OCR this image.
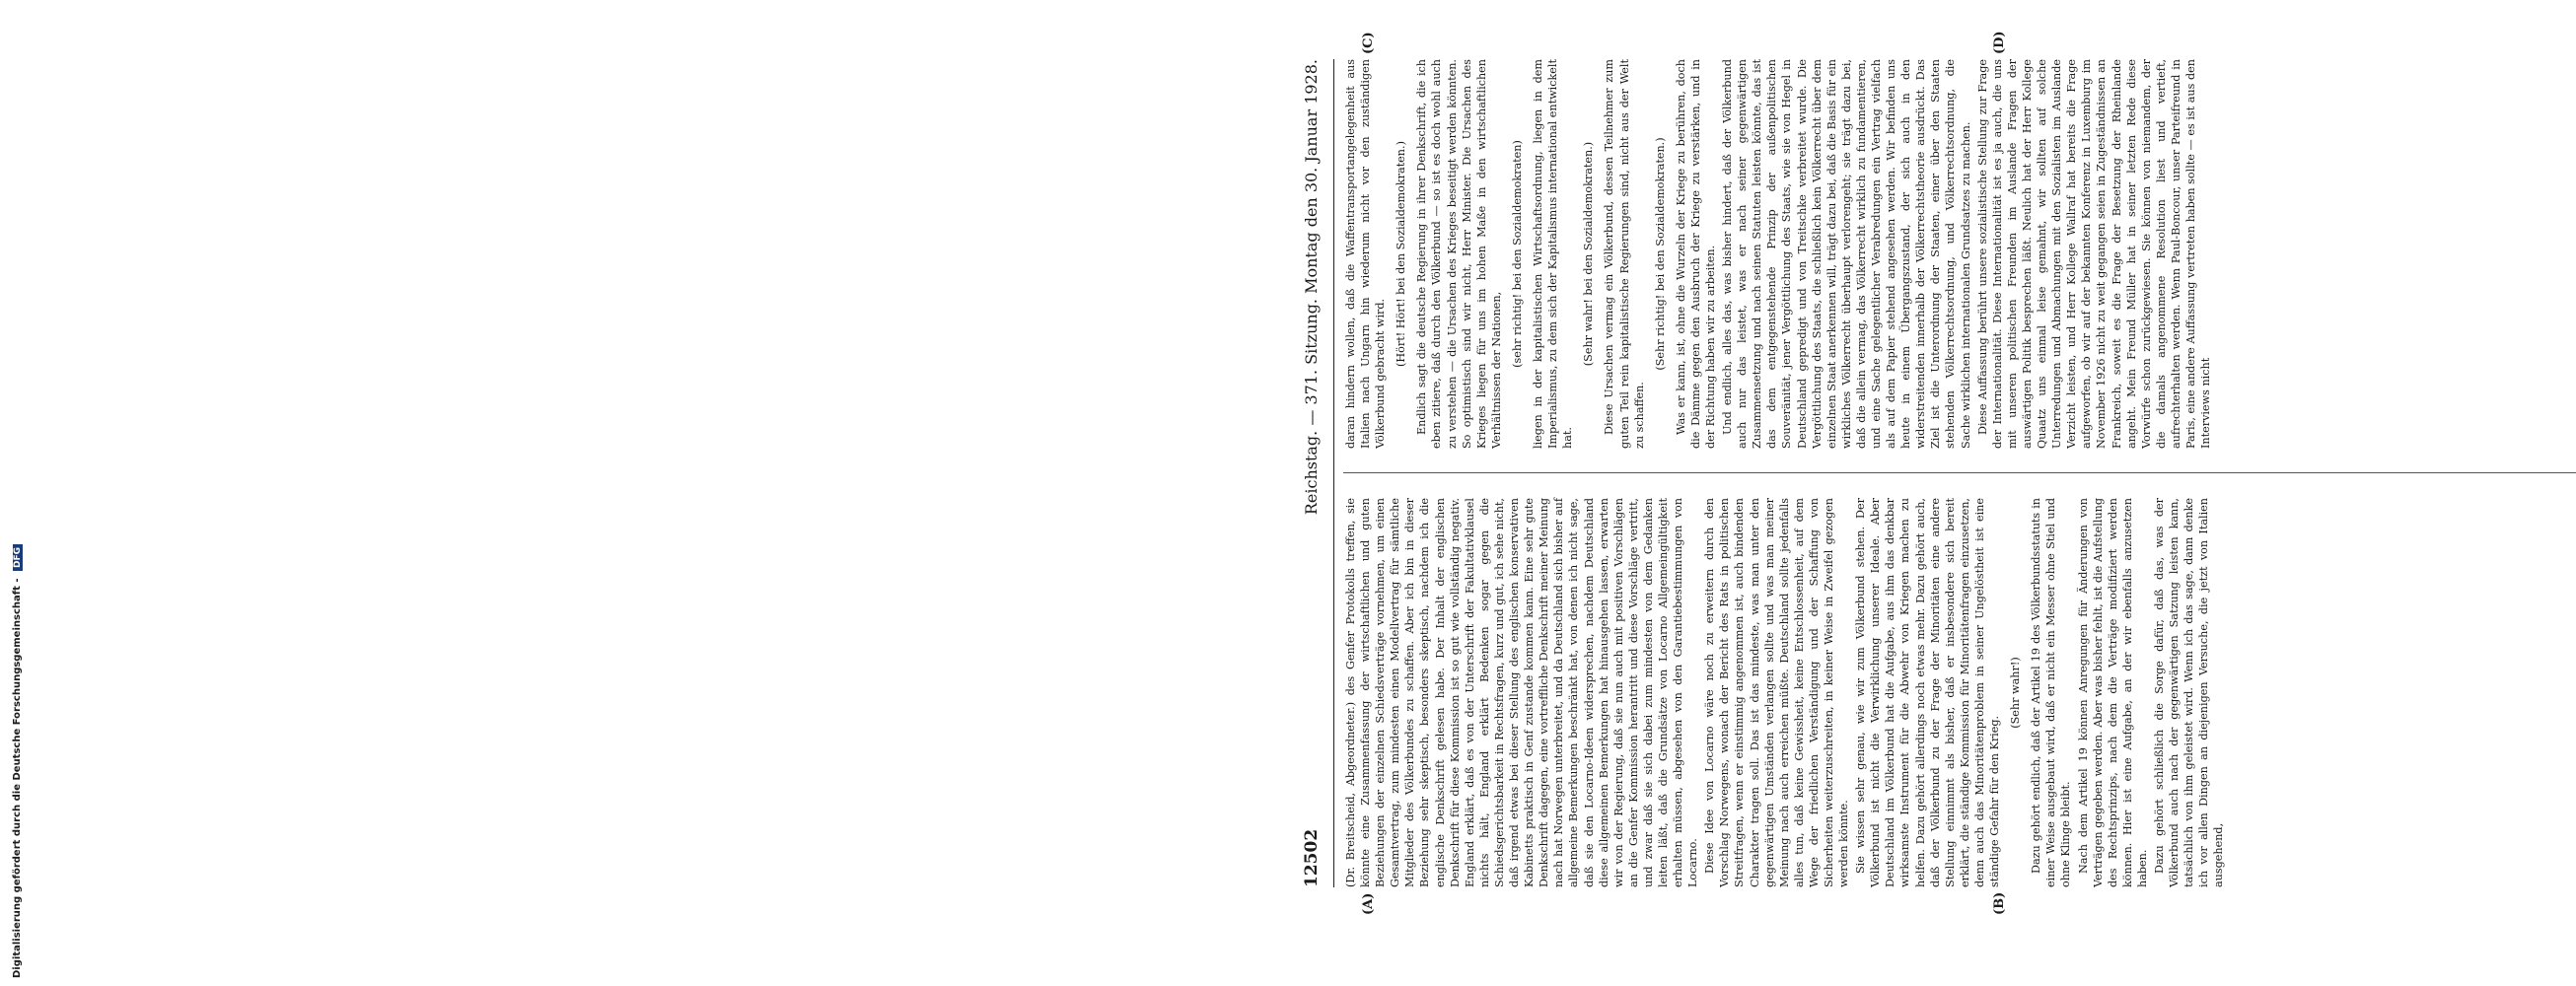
12502
Reichstag. — 371. Sitzung. Montag den 30. Januar 1928.
(A)	(B)
(C)	(D)

(Dr. Breitscheid, Abgeordneter.) des Genfer Protokolls treffen, sie könnte eine Zusammenfassung der wirtschaftlichen und guten Beziehungen der einzelnen Schiedsverträge vornehmen, um einen Gesamtvertrag, zum mindesten einen Modellvertrag für sämtliche Mitglieder des Völkerbundes zu schaffen. Aber ich bin in dieser Beziehung sehr skeptisch, besonders skeptisch, nachdem ich die englische Denkschrift gelesen habe. Der Inhalt der englischen Denkschrift für diese Kommission ist so gut wie vollständig negativ. England erklärt, daß es von der Unterschrift der Fakultativklausel nichts hält, England erklärt Bedenken sogar gegen die Schiedsgerichtsbarkeit in Rechtsfragen, kurz und gut, ich sehe nicht, daß irgend etwas bei dieser Stellung des englischen konservativen Kabinetts praktisch in Genf zustande kommen kann. Eine sehr gute Denkschrift dagegen, eine vortreffliche Denkschrift meiner Meinung nach hat Norwegen unterbreitet, und da Deutschland sich bisher auf allgemeine Bemerkungen beschränkt hat, von denen ich nicht sage, daß sie den Locarno-Ideen widersprechen, nachdem Deutschland diese allgemeinen Bemerkungen hat hinausgehen lassen, erwarten wir von der Regierung, daß sie nun auch mit positiven Vorschlägen an die Genfer Kommission herantritt und diese Vorschläge vertritt, und zwar daß sie sich dabei zum mindesten von dem Gedanken leiten läßt, daß die Grundsätze von Locarno Allgemeingültigkeit erhalten müssen, abgesehen von den Garantiebestimmungen von Locarno. Diese Idee von Locarno wäre noch zu erweitern durch den Vorschlag Norwegens, wonach der Bericht des Rats in politischen Streitfragen, wenn er einstimmig angenommen ist, auch bindenden Charakter tragen soll. Das ist das mindeste, was man unter den gegenwärtigen Umständen verlangen sollte und was man meiner Meinung nach auch erreichen müßte. Deutschland sollte jedenfalls alles tun, daß keine Gewissheit, keine Entschlossenheit, auf dem Wege der friedlichen Verständigung und der Schaffung von Sicherheiten weiterzuschreiten, in keiner Weise in Zweifel gezogen werden könnte. Sie wissen sehr genau, wie wir zum Völkerbund stehen. Der Völkerbund ist nicht die Verwirklichung unserer Ideale. Aber Deutschland im Völkerbund hat die Aufgabe, aus ihm das denkbar wirksamste Instrument für die Abwehr von Kriegen machen zu helfen. Dazu gehört allerdings noch etwas mehr. Dazu gehört auch, daß der Völkerbund zu der Frage der Minoritäten eine andere Stellung einnimmt als bisher, daß er insbesondere sich bereit erklärt, die ständige Kommission für Minoritätenfragen einzusetzen, denn auch das Minoritätenproblem in seiner Ungelöstheit ist eine ständige Gefahr für den Krieg.

(Sehr wahr!) Dazu gehört endlich, daß der Artikel 19 des Völkerbundsstatuts in einer Weise ausgebaut wird, daß er nicht ein Messer ohne Stiel und ohne Klinge bleibt. Nach dem Artikel 19 können Anregungen für Änderungen von Verträgen gegeben werden. Aber was bisher fehlt, ist die Aufstellung des Rechtsprinzips, nach dem die Verträge modifiziert werden können. Hier ist eine Aufgabe, an der wir ebenfalls anzusetzen haben. Dazu gehört schließlich die Sorge dafür, daß das, was der Völkerbund auch nach der gegenwärtigen Satzung leisten kann, tatsächlich von ihm geleistet wird. Wenn ich das sage, dann denke ich vor allen Dingen an diejenigen Versuche, die jetzt von Italien ausgehend,

daran hindern wollen, daß die Waffentransportangelegenheit aus Italien nach Ungarn hin wiederum nicht vor den zuständigen Völkerbund gebracht wird.

(Hört! Hört! bei den Sozialdemokraten.) Endlich sagt die deutsche Regierung in ihrer Denkschrift, die ich eben zitiere, daß durch den Völkerbund — so ist es doch wohl auch zu verstehen — die Ursachen des Krieges beseitigt werden könnten. So optimistisch sind wir nicht, Herr Minister. Die Ursachen des Krieges liegen für uns im hohen Maße in den wirtschaftlichen Verhältnissen der Nationen,

(sehr richtig! bei den Sozialdemokraten) liegen in der kapitalistischen Wirtschaftsordnung, liegen in dem Imperialismus, zu dem sich der Kapitalismus international entwickelt hat.

(Sehr wahr! bei den Sozialdemokraten.) Diese Ursachen vermag ein Völkerbund, dessen Teilnehmer zum guten Teil rein kapitalistische Regierungen sind, nicht aus der Welt zu schaffen.

(Sehr richtig! bei den Sozialdemokraten.) Was er kann, ist, ohne die Wurzeln der Kriege zu berühren, doch die Dämme gegen den Ausbruch der Kriege zu verstärken, und in der Richtung haben wir zu arbeiten. Und endlich, alles das, was bisher hindert, daß der Völkerbund auch nur das leistet, was er nach seiner gegenwärtigen Zusammensetzung und nach seinen Statuten leisten könnte, das ist das dem entgegenstehende Prinzip der außenpolitischen Souveränität, jener Vergöttlichung des Staats, wie sie von Hegel in Deutschland gepredigt und von Treitschke verbreitet wurde. Die Vergöttlichung des Staats, die schließlich kein Völkerrecht über dem einzelnen Staat anerkennen will, trägt dazu bei, daß die Basis für ein wirkliches Völkerrecht überhaupt verlorengeht; sie trägt dazu bei, daß die allein vermag, das Völkerrecht wirklich zu fundamentieren, und eine Sache gelegentlicher Verabredungen ein Vertrag vielfach als auf dem Papier stehend angesehen werden. Wir befinden uns heute in einem Übergangszustand, der sich auch in den widerstreitenden innerhalb der Völkerrechtstheorie ausdrückt. Das Ziel ist die Unterordnung der Staaten, einer über den Staaten stehenden Völkerrechtsordnung, und Völkerrechtsordnung, die Sache wirklichen internationalen Grundsatzes zu machen. Diese Auffassung berührt unsere sozialistische Stellung zur Frage der Internationalität. Diese Internationalität ist es ja auch, die uns mit unseren politischen Freunden im Auslande Fragen der auswärtigen Politik besprechen läßt. Neulich hat der Herr Kollege Quaatz uns einmal leise gemahnt, wir sollten auf solche Unterredungen und Abmachungen mit den Sozialisten im Auslande Verzicht leisten, und Herr Kollege Wallraf hat bereits die Frage aufgeworfen, ob wir auf der bekannten Konferenz in Luxemburg im November 1926 nicht zu weit gegangen seien in Zugeständnissen an Frankreich, soweit es die Frage der Besetzung der Rheinlande angeht. Mein Freund Müller hat in seiner letzten Rede diese Vorwürfe schon zurückgewiesen. Sie können von niemandem, der die damals angenommene Resolution liest und vertieft, aufrechterhalten werden. Wenn Paul-Boncour, unser Parteifreund in Paris, eine andere Auffassung vertreten haben sollte — es ist aus den Interviews nicht

Digitalisierung gefördert durch die Deutsche Forschungsgemeinschaft - DFG
